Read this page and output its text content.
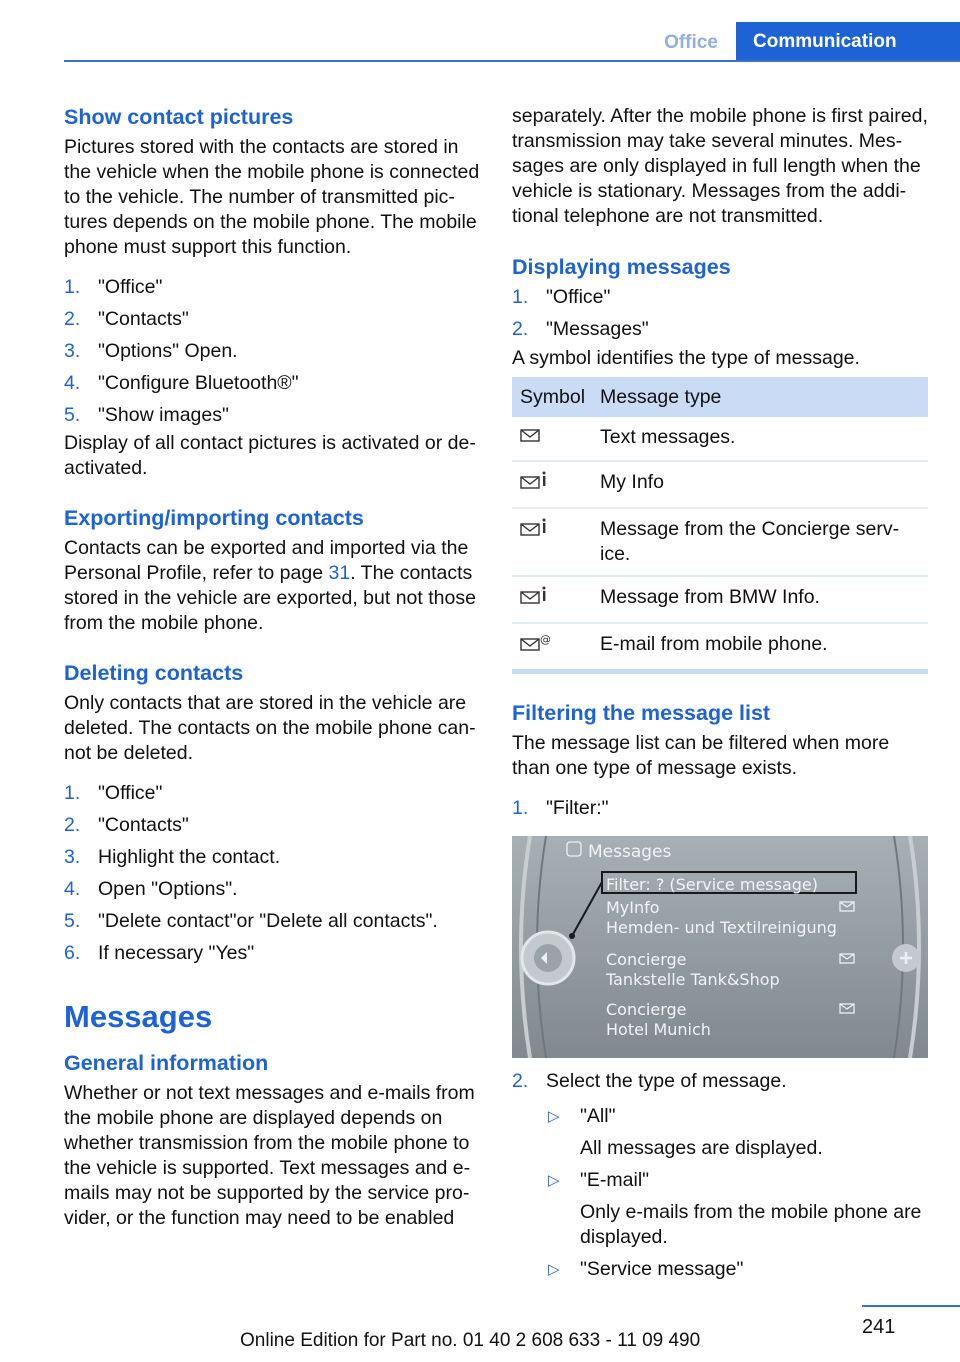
Office	Communication
Show contact pictures

Pictures stored with the contacts are stored in the vehicle when the mobile phone is connected to the vehicle. The number of transmitted pic-tures depends on the mobile phone. The mobile phone must support this function.

1. "Office"
2. "Contacts"
3. "Options" Open.
4. "Configure Bluetooth®"
5. "Show images"

Display of all contact pictures is activated or de-activated.

Exporting/importing contacts

Contacts can be exported and imported via the Personal Profile, refer to page 31. The contacts stored in the vehicle are exported, but not those from the mobile phone.

Deleting contacts

Only contacts that are stored in the vehicle are deleted. The contacts on the mobile phone can-not be deleted.

1. "Office"
2. "Contacts"
3. Highlight the contact.
4. Open "Options".
5. "Delete contact"or "Delete all contacts".
6. If necessary "Yes"
Messages
General information

Whether or not text messages and e-mails from the mobile phone are displayed depends on whether transmission from the mobile phone to the vehicle is supported. Text messages and e-mails may not be supported by the service pro-vider, or the function may need to be enabled

separately. After the mobile phone is first paired, transmission may take several minutes. Mes-sages are only displayed in full length when the vehicle is stationary. Messages from the addi-tional telephone are not transmitted.

Displaying messages
1. "Office"
2. "Messages"

A symbol identifies the type of message.

Symbol	Message type
	Text messages.
	My Info
	Message from the Concierge serv-ice.
	Message from BMW Info.

@	E-mail from mobile phone.
Filtering the message list

The message list can be filtered when more than one type of message exists.

1. "Filter:"
Messages
Filter: ? (Service message)
MyInfo
Hemden- und Textilreinigung
Concierge
Tankstelle Tank&Shop
Concierge
Hotel Munich
2. Select the type of message.
▷ "All"
All messages are displayed.
▷ "E-mail"
Only e-mails from the mobile phone are displayed.
▷ "Service message"
241
Online Edition for Part no. 01 40 2 608 633 - 11 09 490
